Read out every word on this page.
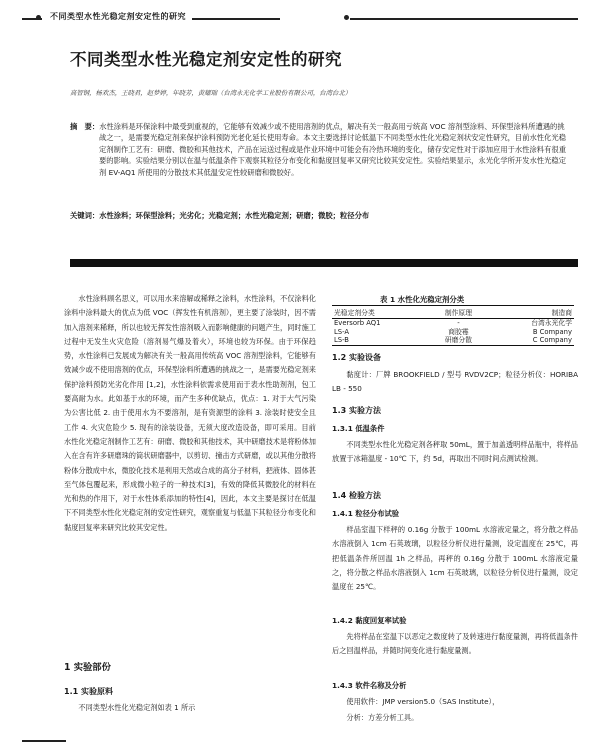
不同类型水性光稳定剂安定性的研究
不同类型水性光稳定剂安定性的研究
高智钢，杨欢杰，王晓君，赵梦婷，年晓芳，黄耀瑞（台湾永光化学工业股份有限公司，台湾台北）
摘　要：水性涂料是环保涂料中最受到重视的，它能够有效减少或不使用溶剂的优点，解决有关一般高用亏统高 VOC 溶剂型涂料、环保型涂料所遭遇的挑战之一，是需要光稳定剂来保护涂料预防光老化延长使用寿命。本文主要选择讨论低温下不同类型水性化光稳定剂状安定性研究，目前水性化光稳定剂制作工艺有：研磨、微胶和其他技术，产品在运送过程或是作业环境中可能会有冷热环境的变化，储存安定性对于添加应用于水性涂料有很重要的影响。实验结果分别以在温与低温条件下观察其粒径分布变化和黏度回复率又研究比较其安定性。实验结果显示，永光化学所开发水性光稳定剂 EV-AQ1 所使用的分散技术其低温安定性较研磨和微胶好。
关键词：水性涂料；环保型涂料；光劣化；光稳定剂；水性光稳定剂；研磨；微胶；粒径分布
水性涂料顾名思义，可以用水来溶解或稀释之涂料，水性涂料，不仅涂料化涂料中涂料最大的优点为低 VOC（挥发性有机溶剂），更主要了涂装时，因不需加入溶剂来稀释，所以也较无挥发性溶剂吸入而影响健康的问题产生，同时施工过程中无发生火灾危险（溶剂易气爆及着火），环境也较为环保。由于环保趋势，水性涂料已发展成为解决有关一般高用传统高 VOC 溶剂型涂料，它能够有效减少或不使用溶剂的优点，环保型涂料所遭遇的挑战之一，是需要光稳定剂来保护涂料预防光劣化作用 [1,2]，水性涂料依需求使用而于表水性助剂剂，包工要高耐为水。此如基于水的环境，而产生多种优缺点，优点：1. 对于大气污染为公害比低 2. 由于使用水为不要溶剂，是有资源型的涂料 3. 涂装时使安全且工作 4. 火灾危险少 5. 现有的涂装设备，无须大度改造设备，即可采用。目前水性化光稳定剂制作工艺有：研磨、微胶和其他技术，其中研磨技术是将粉体加入在含有许多研磨珠的筒状研磨器中，以剪切、撞击方式研磨，或以其他分散将粉体分散成中水，微胶化技术是利用天然或合成的高分子材料，把液体、固体甚至气体包覆起来，形成微小粒子的一种技术[3]，有效的降低其微胶化的材料在光和热的作用下，对于水性体系添加的特性[4]，因此，本文主要是探讨在低温下不同类型水性化光稳定剂的安定性研究，观察重复与低温下其粒径分布变化和黏度回复率来研究比较其安定性。
1 实验部份
1.1 实验原料
不同类型水性化光稳定剂如表 1 所示
表 1 水性化光稳定剂分类
光稳定剂分类	制作原理	制造商
Eversorb AQ1	-	台湾永光化学
LS-A	商胶霉	B Company
LS-B	研磨分散	C Company
1.2 实验设备
黏度计：厂牌 BROOKFIELD / 型号 RVDV2CP；粒径分析仪：HORIBA LB - 550
1.3 实验方法
1.3.1 低温条件
不同类型水性化光稳定剂各秤取 50mL，置于加盖透明样品瓶中，将样品放置于冰箱温度 - 10℃ 下，约 5d，再取出不同时间点测试检测。
1.4 检验方法
1.4.1 粒径分布试验
样品室温下样秤的 0.16g 分散于 100mL 水溶液定量之，将分散之样品水溶液倒入 1cm 石英玻璃，以粒径分析仪进行量测，设定温度在 25℃，再把低温条件所回温 1h 之样品，再秤的 0.16g 分散于 100mL 水溶液定量之，将分散之样品水溶液倒入 1cm 石英玻璃，以粒径分析仪进行量测，设定温度在 25℃。
1.4.2 黏度回复率试验
先将样品在室温下以恶定之数度转了及转速进行黏度量测，再将低温条件后之回温样品，并随时间变化进行黏度量测。
1.4.3 软件名称及分析
使用软件：JMP version5.0（SAS Institute），
分析：方差分析工具。
